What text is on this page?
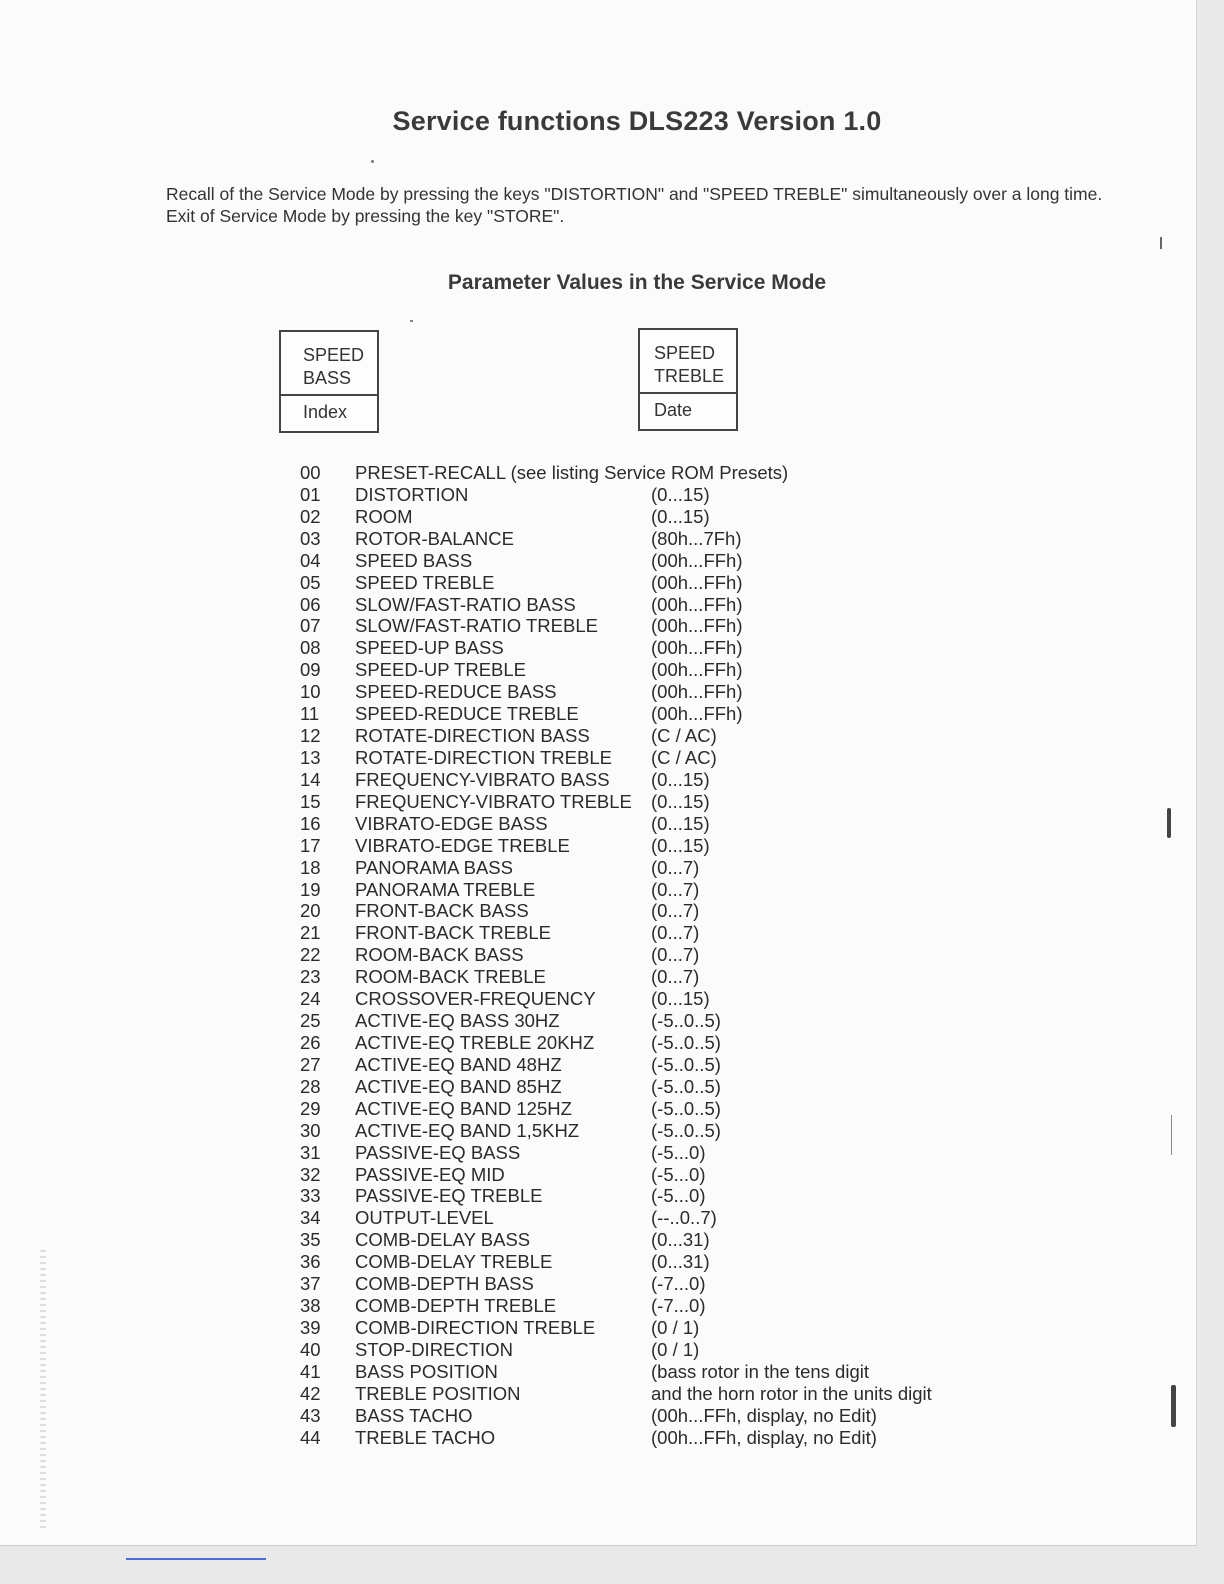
Service functions DLS223 Version 1.0
Recall of the Service Mode by pressing the keys "DISTORTION" and "SPEED TREBLE" simultaneously over a long time. Exit of Service Mode by pressing the key "STORE".
Parameter Values in the Service Mode
SPEED
BASS
Index
SPEED
TREBLE
Date
00 PRESET-RECALL (see listing Service ROM Presets)
01 DISTORTION	(0...15)
02 ROOM	(0...15)
03 ROTOR-BALANCE	(80h...7Fh)
04 SPEED BASS	(00h...FFh)
05 SPEED TREBLE	(00h...FFh)
06 SLOW/FAST-RATIO BASS	(00h...FFh)
07 SLOW/FAST-RATIO TREBLE	(00h...FFh)
08 SPEED-UP BASS	(00h...FFh)
09 SPEED-UP TREBLE	(00h...FFh)
10 SPEED-REDUCE BASS	(00h...FFh)
11 SPEED-REDUCE TREBLE	(00h...FFh)
12 ROTATE-DIRECTION BASS	(C / AC)
13 ROTATE-DIRECTION TREBLE (C / AC)
14 FREQUENCY-VIBRATO BASS (0...15)
15 FREQUENCY-VIBRATO TREBLE (0...15)
16 VIBRATO-EDGE BASS	(0...15)
17 VIBRATO-EDGE TREBLE	(0...15)
18 PANORAMA BASS	(0...7)
19 PANORAMA TREBLE	(0...7)
20 FRONT-BACK BASS	(0...7)
21 FRONT-BACK TREBLE	(0...7)
22 ROOM-BACK BASS	(0...7)
23 ROOM-BACK TREBLE	(0...7)
24 CROSSOVER-FREQUENCY	(0...15)
25 ACTIVE-EQ BASS 30HZ	(-5..0..5)
26 ACTIVE-EQ TREBLE 20KHZ	(-5..0..5)
27 ACTIVE-EQ BAND 48HZ	(-5..0..5)
28 ACTIVE-EQ BAND 85HZ	(-5..0..5)
29 ACTIVE-EQ BAND 125HZ	(-5..0..5)
30 ACTIVE-EQ BAND 1,5KHZ	(-5..0..5)
31 PASSIVE-EQ BASS	(-5...0)
32 PASSIVE-EQ MID	(-5...0)
33 PASSIVE-EQ TREBLE	(-5...0)
34 OUTPUT-LEVEL	(--..0..7)
35 COMB-DELAY BASS	(0...31)
36 COMB-DELAY TREBLE	(0...31)
37 COMB-DEPTH BASS	(-7...0)
38 COMB-DEPTH TREBLE	(-7...0)
39 COMB-DIRECTION TREBLE	(0 / 1)
40 STOP-DIRECTION	(0 / 1)
41 BASS POSITION	(bass rotor in the tens digit
42 TREBLE POSITION	and the horn rotor in the units digit
43 BASS TACHO	(00h...FFh, display, no Edit)
44 TREBLE TACHO	(00h...FFh, display, no Edit)
